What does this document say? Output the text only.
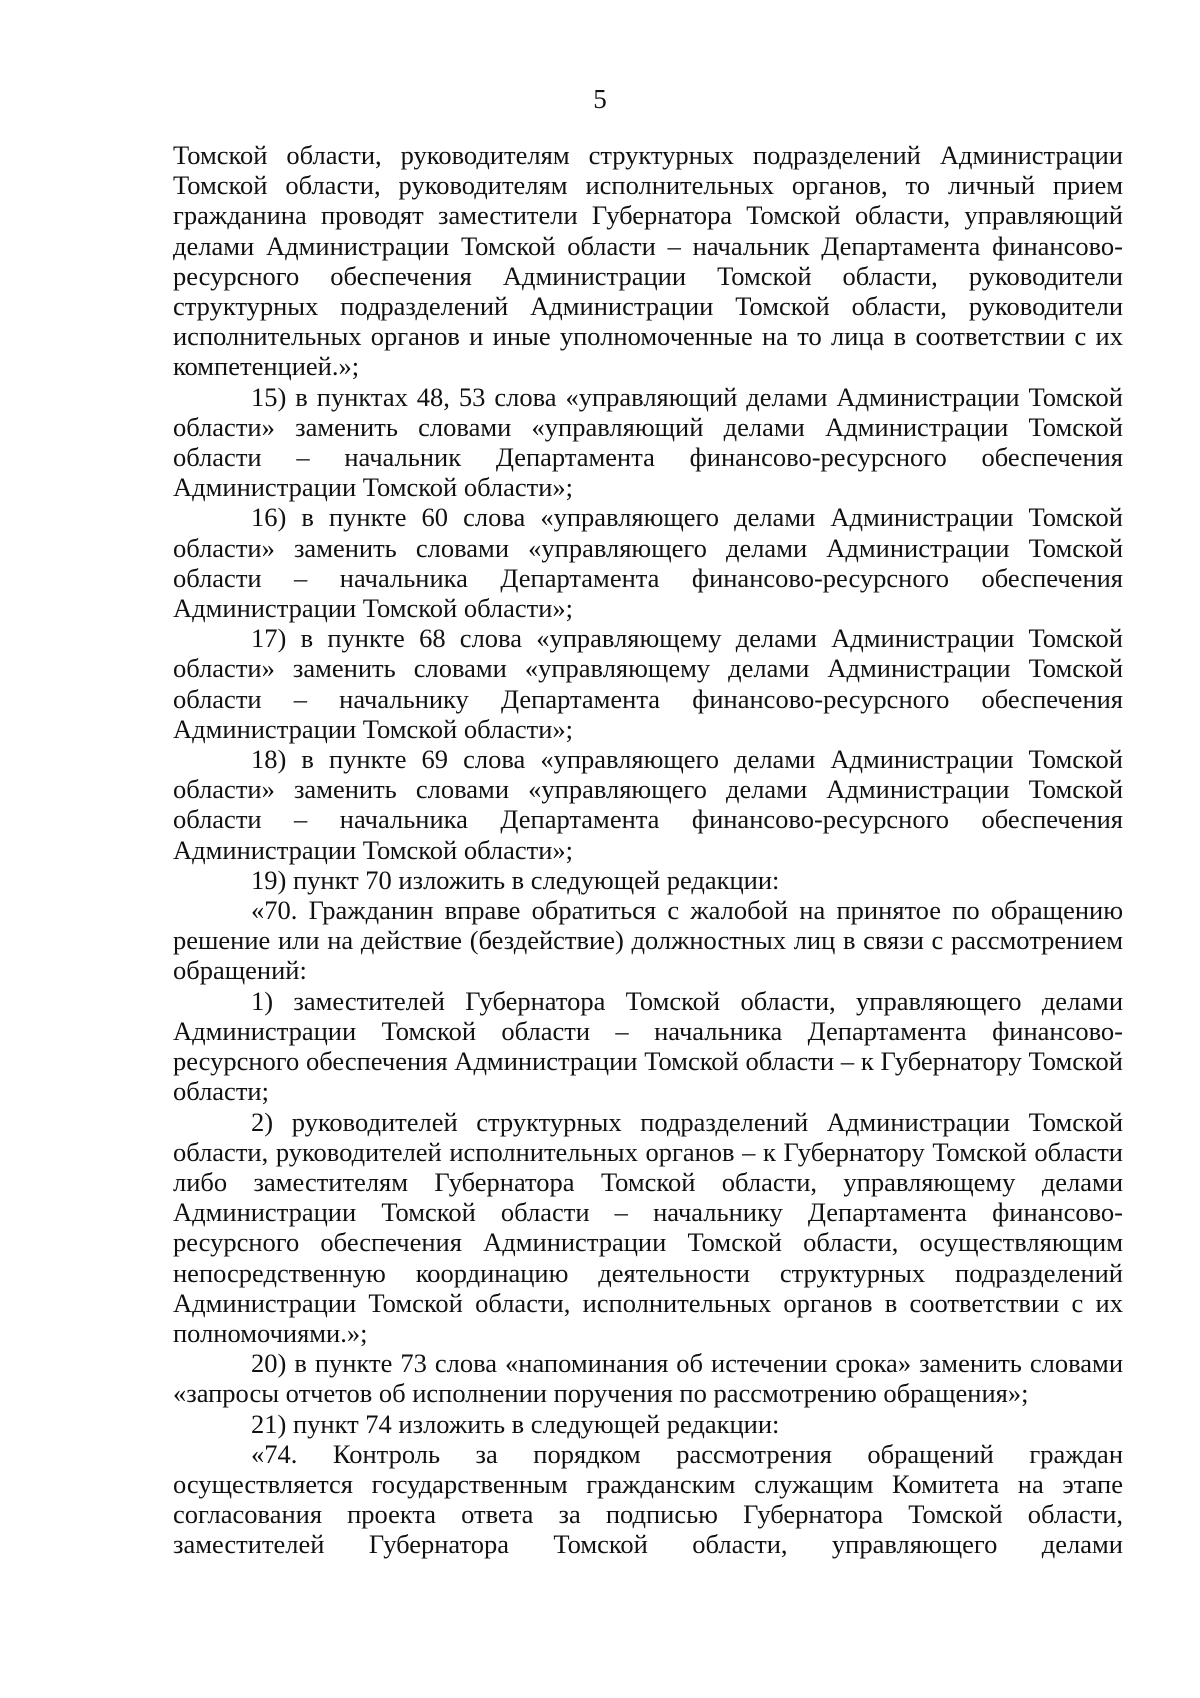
5

Томской области, руководителям структурных подразделений Администрации Томской области, руководителям исполнительных органов, то личный прием гражданина проводят заместители Губернатора Томской области, управляющий делами Администрации Томской области – начальник Департамента финансово-ресурсного обеспечения Администрации Томской области, руководители структурных подразделений Администрации Томской области, руководители исполнительных органов и иные уполномоченные на то лица в соответствии с их компетенцией.»;

15) в пунктах 48, 53 слова «управляющий делами Администрации Томской области» заменить словами «управляющий делами Администрации Томской области – начальник Департамента финансово-ресурсного обеспечения Администрации Томской области»;

16) в пункте 60 слова «управляющего делами Администрации Томской области» заменить словами «управляющего делами Администрации Томской области – начальника Департамента финансово-ресурсного обеспечения Администрации Томской области»;

17) в пункте 68 слова «управляющему делами Администрации Томской области» заменить словами «управляющему делами Администрации Томской области – начальнику Департамента финансово-ресурсного обеспечения Администрации Томской области»;

18) в пункте 69 слова «управляющего делами Администрации Томской области» заменить словами «управляющего делами Администрации Томской области – начальника Департамента финансово-ресурсного обеспечения Администрации Томской области»;

19) пункт 70 изложить в следующей редакции:

«70. Гражданин вправе обратиться с жалобой на принятое по обращению решение или на действие (бездействие) должностных лиц в связи с рассмотрением обращений:

1) заместителей Губернатора Томской области, управляющего делами Администрации Томской области – начальника Департамента финансово-ресурсного обеспечения Администрации Томской области – к Губернатору Томской области;

2) руководителей структурных подразделений Администрации Томской области, руководителей исполнительных органов – к Губернатору Томской области либо заместителям Губернатора Томской области, управляющему делами Администрации Томской области – начальнику Департамента финансово-ресурсного обеспечения Администрации Томской области, осуществляющим непосредственную координацию деятельности структурных подразделений Администрации Томской области, исполнительных органов в соответствии с их полномочиями.»;

20) в пункте 73 слова «напоминания об истечении срока» заменить словами «запросы отчетов об исполнении поручения по рассмотрению обращения»;

21) пункт 74 изложить в следующей редакции:

«74. Контроль за порядком рассмотрения обращений граждан осуществляется государственным гражданским служащим Комитета на этапе согласования проекта ответа за подписью Губернатора Томской области, заместителей Губернатора Томской области, управляющего делами
